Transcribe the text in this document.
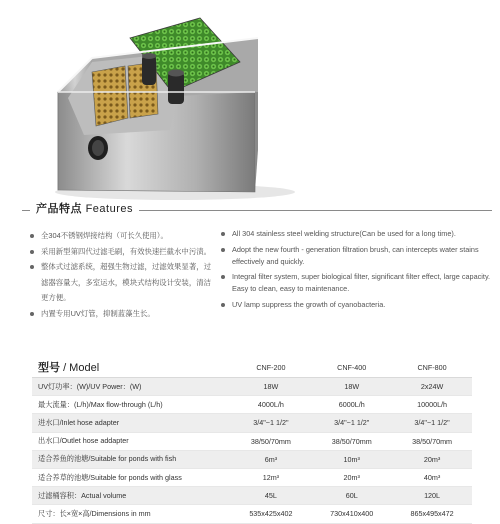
产品特点 Features
全304不锈钢焊接结构（可长久使用）。
采用新型第四代过滤毛刷，有效快速拦截水中污渍。
整体式过滤系统，超强生物过滤，过滤效果显著，过
滤器容量大，多室运水，模块式结构设计安装，清洁
更方便。
内置专用UV灯管，抑制蓝藻生长。
All 304 stainless steel welding structure(Can be used for a long time).
Adopt the new fourth - generation filtration brush, can intercepts water stains effectively and quickly.
Integral filter system, super biological filter, significant filter effect, large capacity. Easy to clean, easy to maintenance.
UV lamp suppress the growth of cyanobacteria.
型号 / Model	CNF-200	CNF-400	CNF-800
UV灯功率：(W)/UV Power：(W)	18W	18W	2x24W
最大流量：(L/h)/Max flow-through (L/h)	4000L/h	6000L/h	10000L/h
进水口/Inlet hose adapter	3/4"~1 1/2"	3/4"~1 1/2"	3/4"~1 1/2"
出水口/Outlet hose addapter	38/50/70mm	38/50/70mm	38/50/70mm
适合养鱼的池塘/Suitable for ponds with fish	6m³	10m³	20m³
适合养草的池塘/Suitable for ponds with glass	12m³	20m³	40m³
过滤桶容积：Actual volume	45L	60L	120L
尺寸：长×宽×高/Dimensions in mm	535x425x402	730x410x400	865x495x472
